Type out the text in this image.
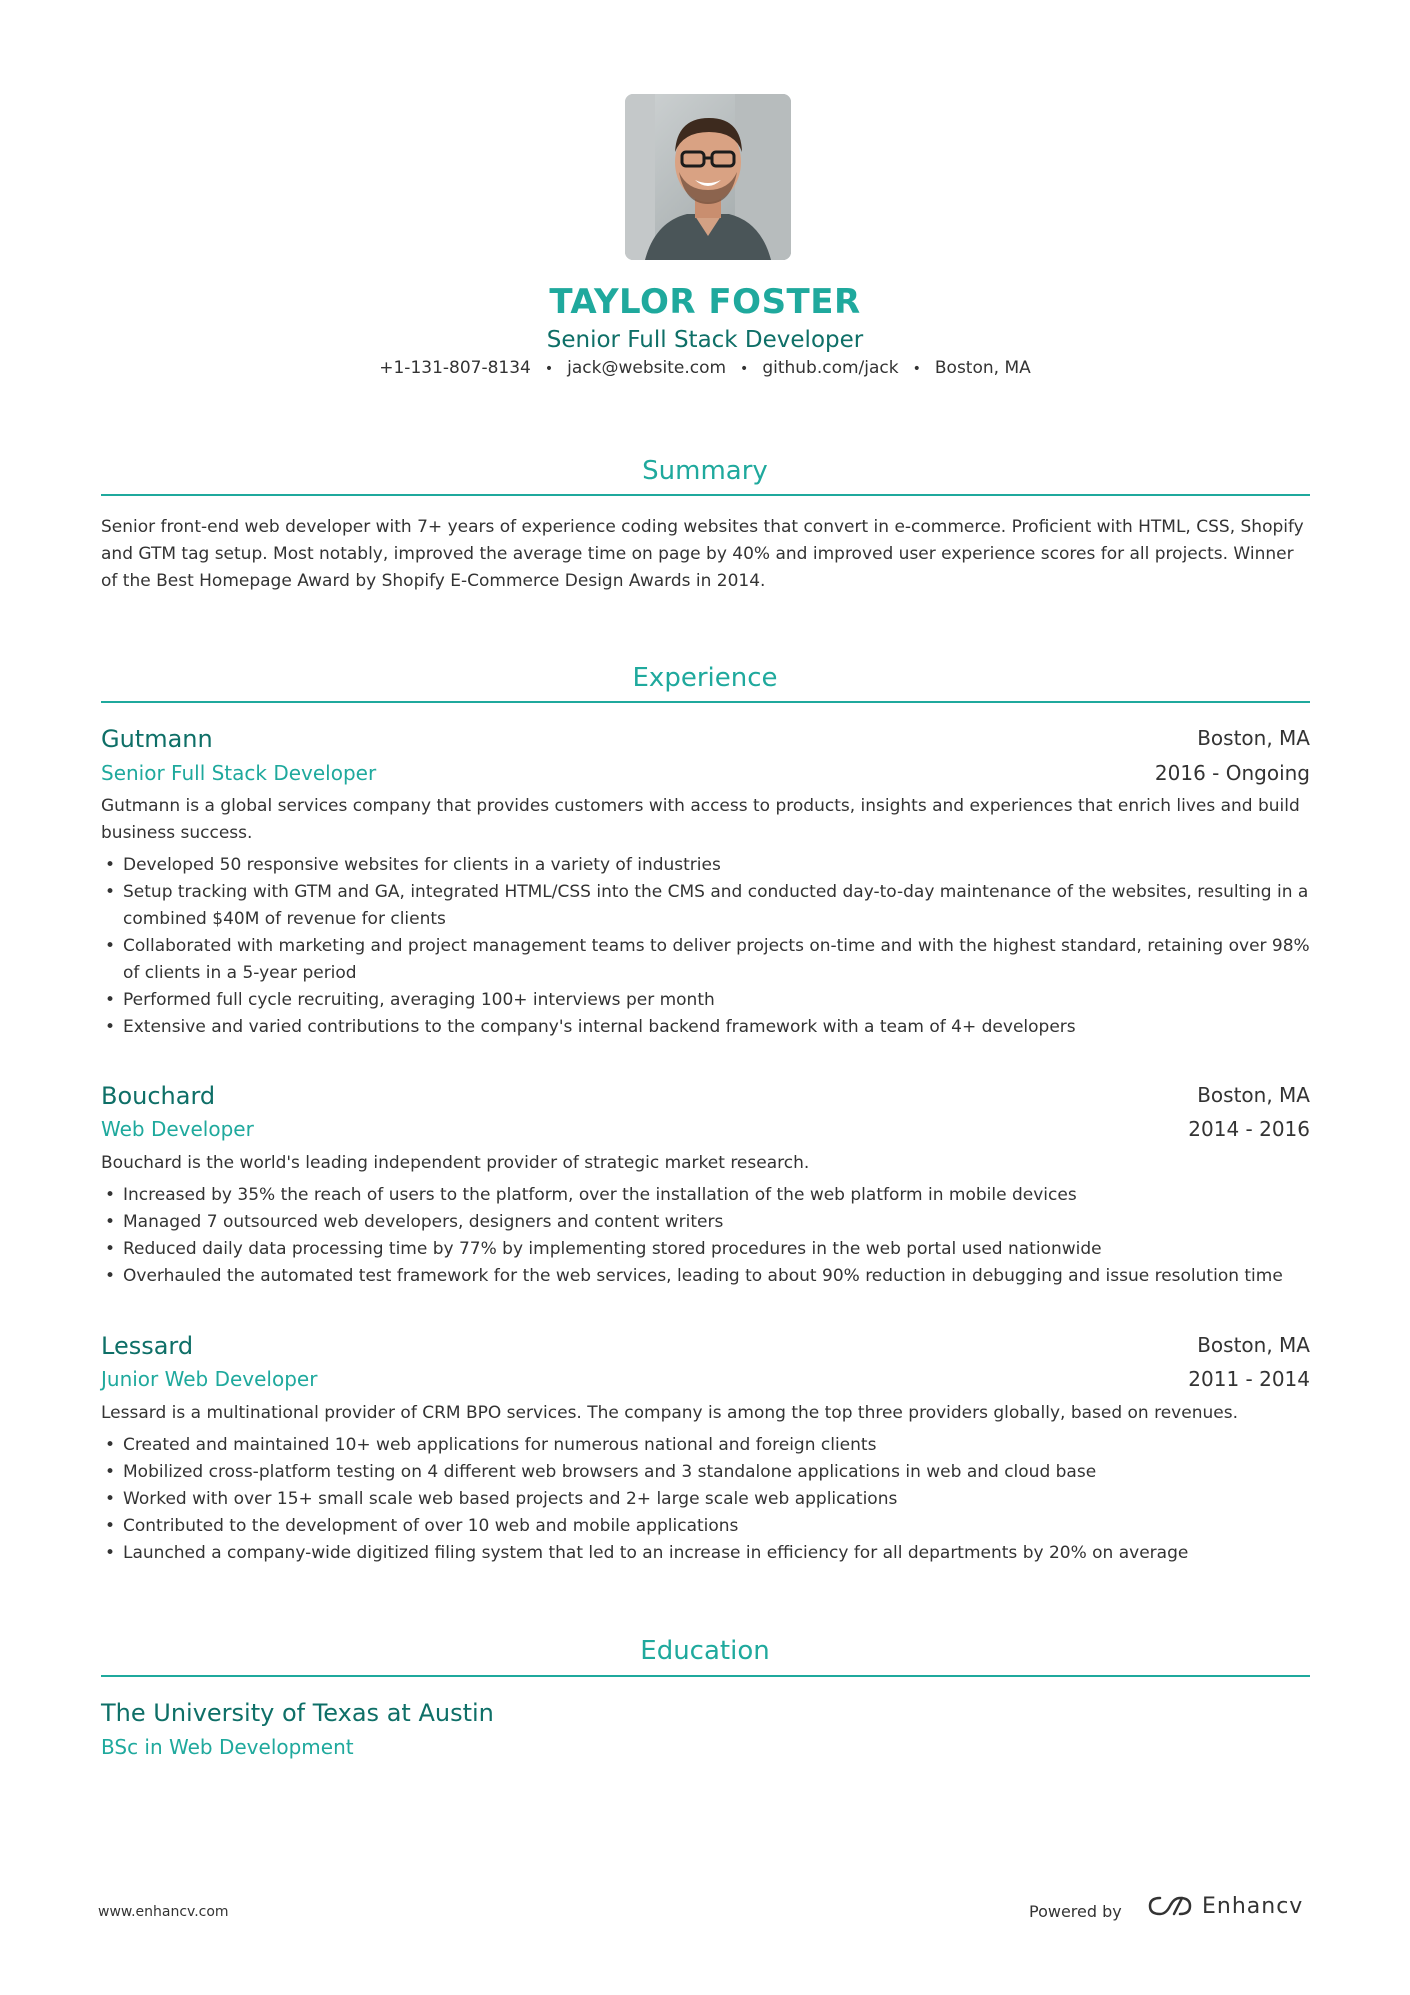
TAYLOR FOSTER
Senior Full Stack Developer
+1-131-807-8134 • jack@website.com • github.com/jack • Boston, MA
Summary
Senior front-end web developer with 7+ years of experience coding websites that convert in e-commerce. Proficient with HTML, CSS, Shopify and GTM tag setup. Most notably, improved the average time on page by 40% and improved user experience scores for all projects. Winner of the Best Homepage Award by Shopify E-Commerce Design Awards in 2014.
Experience
Gutmann	Boston, MA
Senior Full Stack Developer	2016 - Ongoing
Gutmann is a global services company that provides customers with access to products, insights and experiences that enrich lives and build business success.
• Developed 50 responsive websites for clients in a variety of industries
• Setup tracking with GTM and GA, integrated HTML/CSS into the CMS and conducted day-to-day maintenance of the websites, resulting in a combined $40M of revenue for clients
• Collaborated with marketing and project management teams to deliver projects on-time and with the highest standard, retaining over 98% of clients in a 5-year period
• Performed full cycle recruiting, averaging 100+ interviews per month
• Extensive and varied contributions to the company's internal backend framework with a team of 4+ developers
Bouchard	Boston, MA
Web Developer	2014 - 2016
Bouchard is the world's leading independent provider of strategic market research.
• Increased by 35% the reach of users to the platform, over the installation of the web platform in mobile devices
• Managed 7 outsourced web developers, designers and content writers
• Reduced daily data processing time by 77% by implementing stored procedures in the web portal used nationwide
• Overhauled the automated test framework for the web services, leading to about 90% reduction in debugging and issue resolution time
Lessard	Boston, MA
Junior Web Developer	2011 - 2014
Lessard is a multinational provider of CRM BPO services. The company is among the top three providers globally, based on revenues.
• Created and maintained 10+ web applications for numerous national and foreign clients
• Mobilized cross-platform testing on 4 different web browsers and 3 standalone applications in web and cloud base
• Worked with over 15+ small scale web based projects and 2+ large scale web applications
• Contributed to the development of over 10 web and mobile applications
• Launched a company-wide digitized filing system that led to an increase in efficiency for all departments by 20% on average
Education
The University of Texas at Austin
BSc in Web Development
www.enhancv.com	Powered by	Enhancv
